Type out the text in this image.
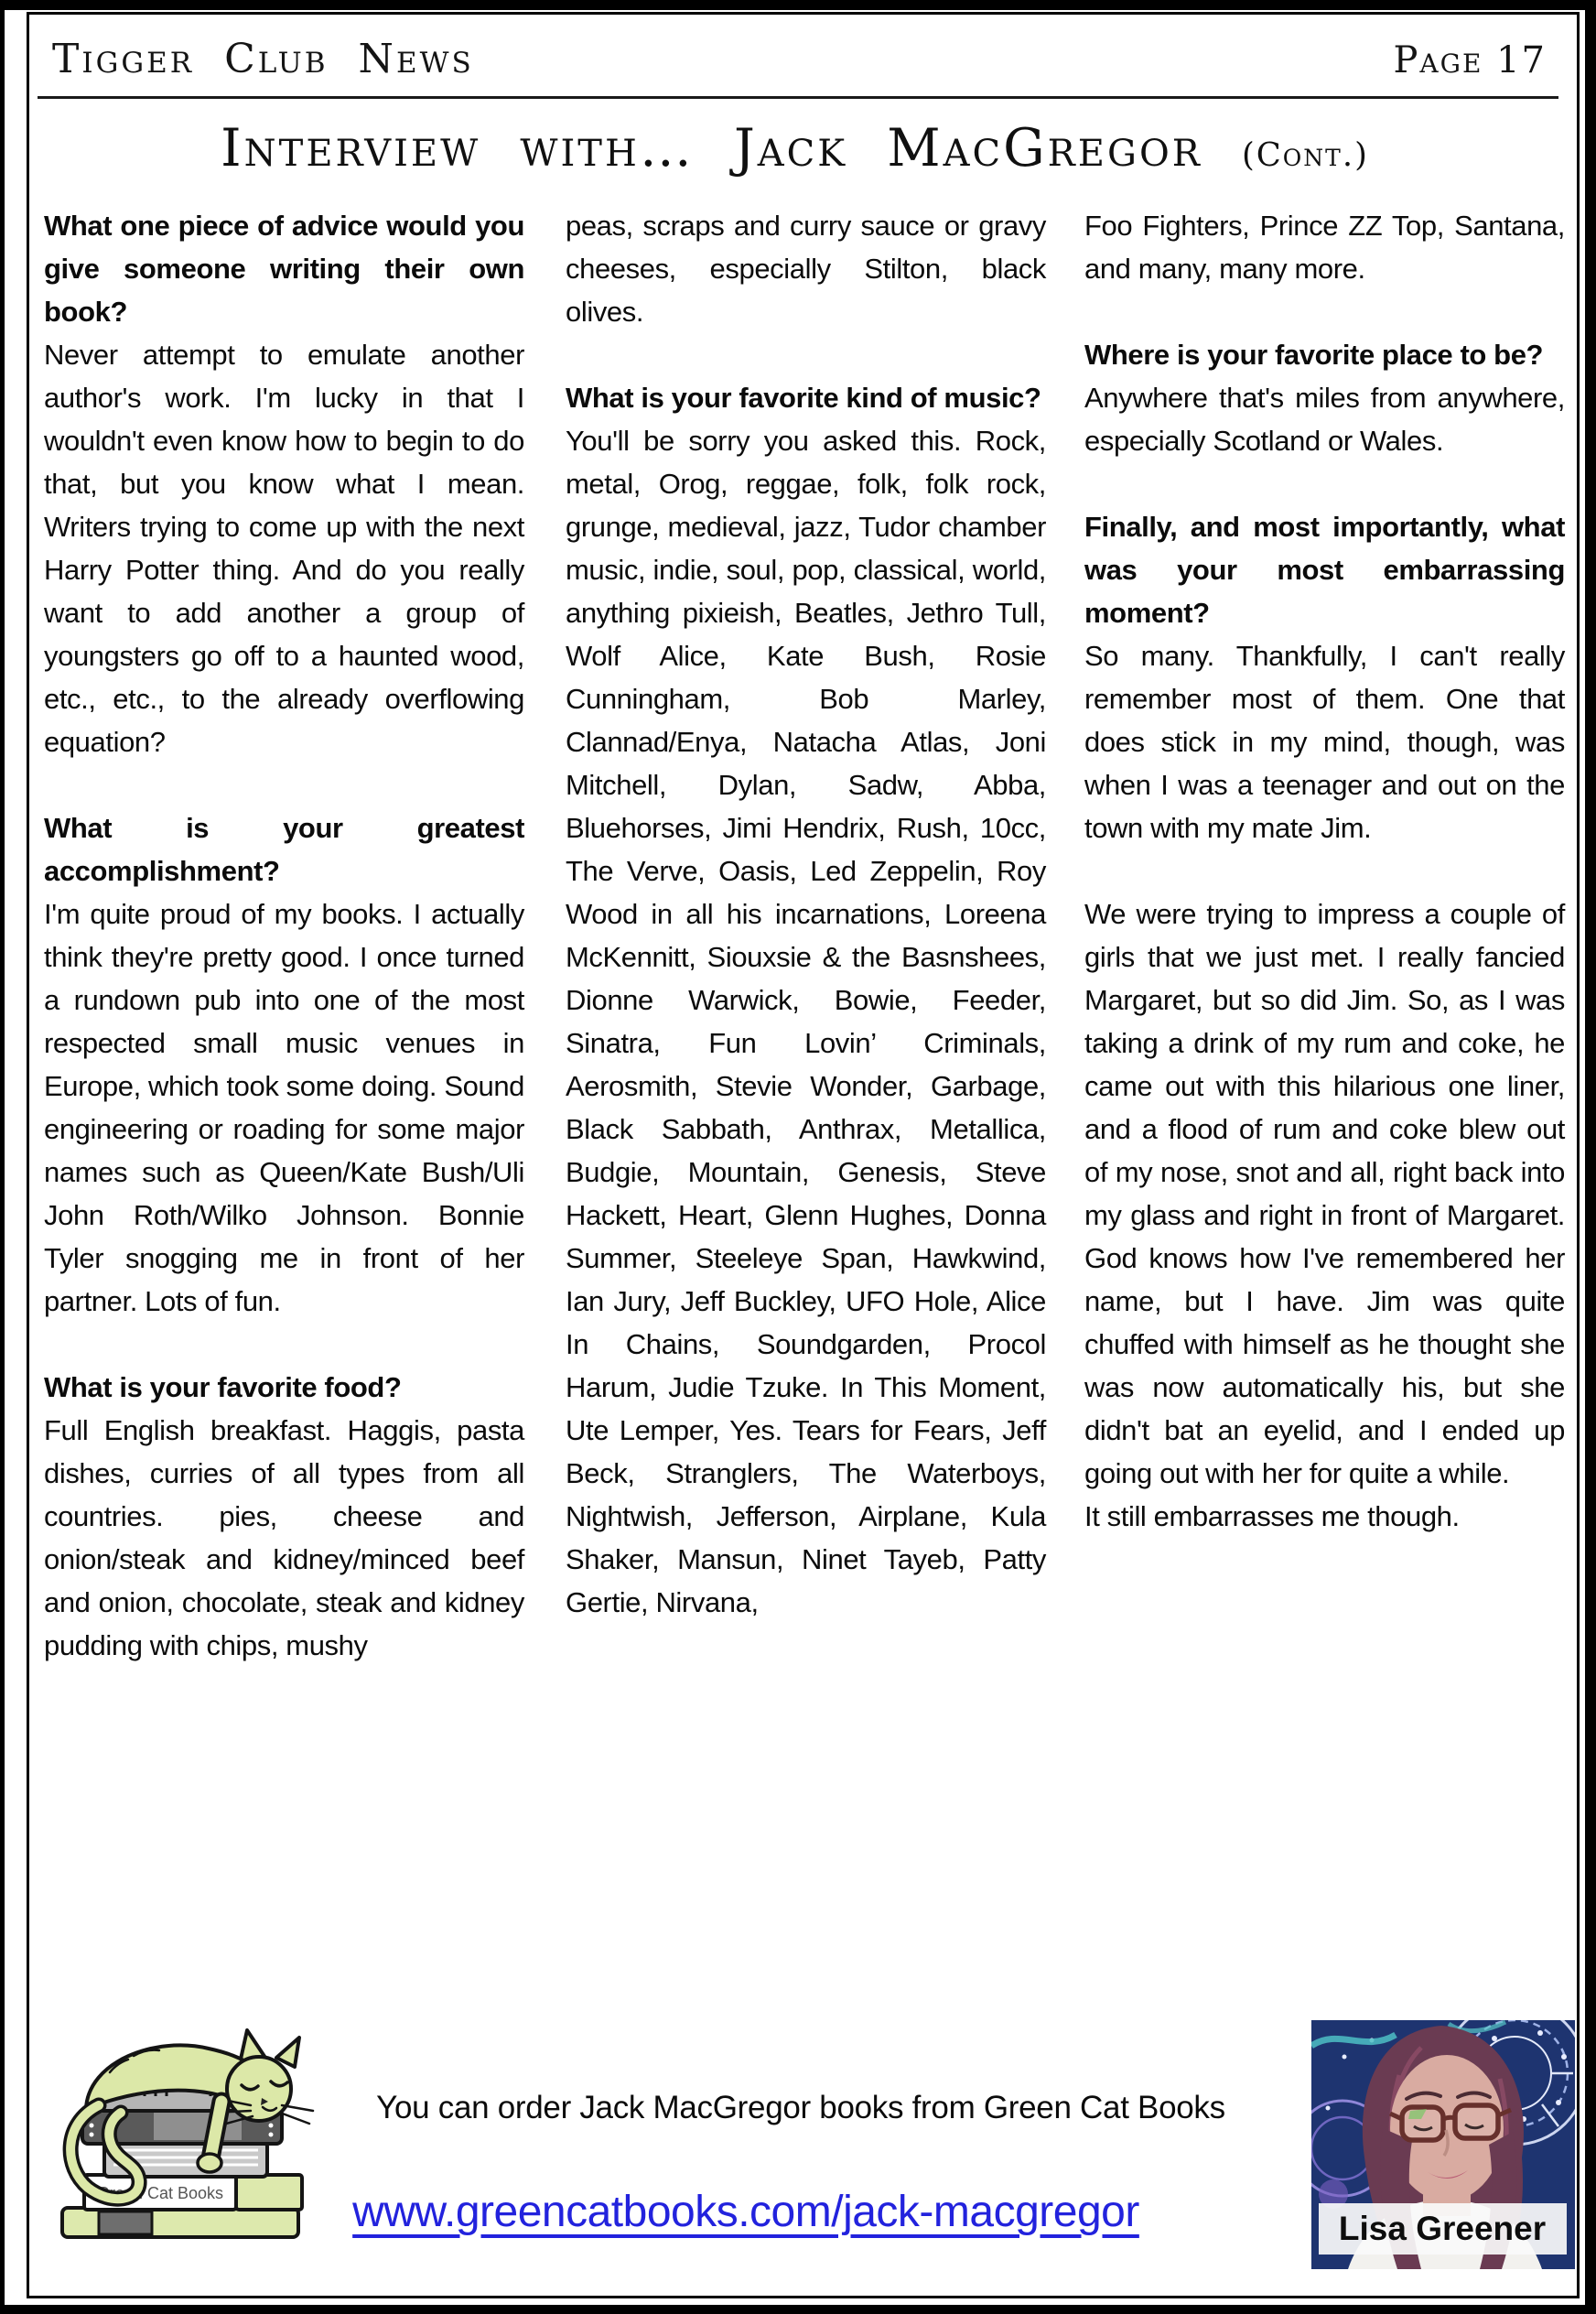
Tigger Club News	Page 17
Interview with… Jack MacGregor (Cont.)
What one piece of advice would you give someone writing their own book?
Never attempt to emulate another author's work. I'm lucky in that I wouldn't even know how to begin to do that, but you know what I mean. Writers trying to come up with the next Harry Potter thing. And do you really want to add another a group of youngsters go off to a haunted wood, etc., etc., to the already overflowing equation?
What is your greatest accomplishment?
I'm quite proud of my books. I actually think they're pretty good. I once turned a rundown pub into one of the most respected small music venues in Europe, which took some doing. Sound engineering or roading for some major names such as Queen/Kate Bush/Uli John Roth/Wilko Johnson. Bonnie Tyler snogging me in front of her partner. Lots of fun.
What is your favorite food?
Full English breakfast. Haggis, pasta dishes, curries of all types from all countries. pies, cheese and onion/steak and kidney/minced beef and onion, chocolate, steak and kidney pudding with chips, mushy
peas, scraps and curry sauce or gravy cheeses, especially Stilton, black olives.
What is your favorite kind of music?
You'll be sorry you asked this. Rock, metal, Orog, reggae, folk, folk rock, grunge, medieval, jazz, Tudor chamber music, indie, soul, pop, classical, world, anything pixieish, Beatles, Jethro Tull, Wolf Alice, Kate Bush, Rosie Cunningham, Bob Marley, Clannad/Enya, Natacha Atlas, Joni Mitchell, Dylan, Sadw, Abba, Bluehorses, Jimi Hendrix, Rush, 10cc, The Verve, Oasis, Led Zeppelin, Roy Wood in all his incarnations, Loreena McKennitt, Siouxsie & the Basnshees, Dionne Warwick, Bowie, Feeder, Sinatra, Fun Lovin’ Criminals, Aerosmith, Stevie Wonder, Garbage, Black Sabbath, Anthrax, Metallica, Budgie, Mountain, Genesis, Steve Hackett, Heart, Glenn Hughes, Donna Summer, Steeleye Span, Hawkwind, Ian Jury, Jeff Buckley, UFO Hole, Alice In Chains, Soundgarden, Procol Harum, Judie Tzuke. In This Moment, Ute Lemper, Yes. Tears for Fears, Jeff Beck, Stranglers, The Waterboys, Nightwish, Jefferson, Airplane, Kula Shaker, Mansun, Ninet Tayeb, Patty Gertie, Nirvana,
Foo Fighters, Prince ZZ Top, Santana, and many, many more.
Where is your favorite place to be?
Anywhere that's miles from anywhere, especially Scotland or Wales.
Finally, and most importantly, what was your most embarrassing moment?
So many. Thankfully, I can't really remember most of them. One that does stick in my mind, though, was when I was a teenager and out on the town with my mate Jim.
We were trying to impress a couple of girls that we just met. I really fancied Margaret, but so did Jim. So, as I was taking a drink of my rum and coke, he came out with this hilarious one liner, and a flood of rum and coke blew out of my nose, snot and all, right back into my glass and right in front of Margaret. God knows how I've remembered her name, but I have. Jim was quite chuffed with himself as he thought she was now automatically his, but she didn't bat an eyelid, and I ended up going out with her for quite a while.
It still embarrasses me though.
Green Cat Books
You can order Jack MacGregor books from Green Cat Books
www.greencatbooks.com/jack-macgregor	Lisa Greener
